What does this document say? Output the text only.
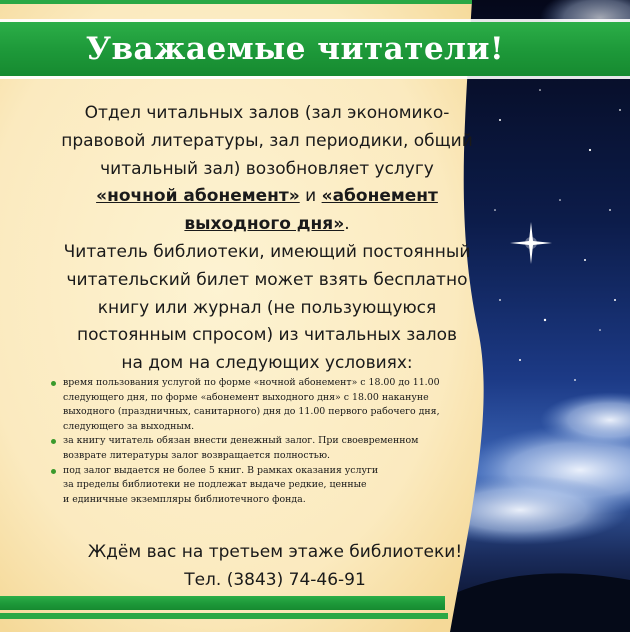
Уважаемые читатели!
Отдел читальных залов (зал экономико-
правовой литературы, зал периодики, общий
читальный зал) возобновляет услугу
«ночной абонемент» и «абонемент
выходного дня».
Читатель библиотеки, имеющий постоянный
читательский билет может взять бесплатно
книгу или журнал (не пользующуюся
постоянным спросом) из читальных залов
на дом на следующих условиях:
время пользования услугой по форме «ночной абонемент» с 18.00 до 11.00
следующего дня, по форме «абонемент выходного дня» с 18.00 накануне
выходного (праздничных, санитарного) дня до 11.00 первого рабочего дня,
следующего за выходным.
за книгу читатель обязан внести денежный залог. При своевременном
возврате литературы залог возвращается полностью.
под залог выдается не более 5 книг. В рамках оказания услуги
за пределы библиотеки не подлежат выдаче редкие, ценные
и единичные экземпляры библиотечного фонда.
Ждём вас на третьем этаже библиотеки!
Тел. (3843) 74-46-91
